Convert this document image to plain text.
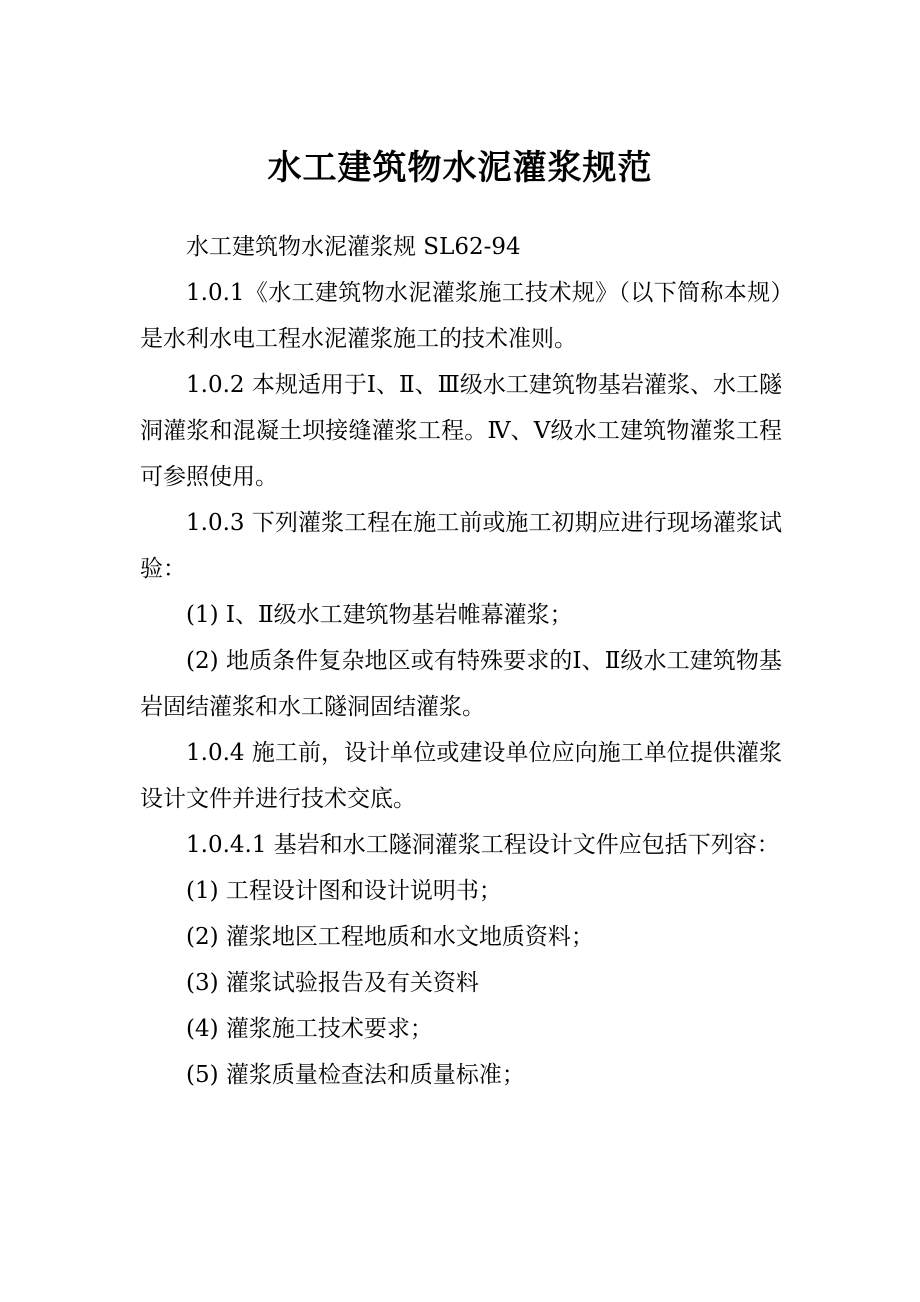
水工建筑物水泥灌浆规范

水工建筑物水泥灌浆规 SL62-94

1.0.1《水工建筑物水泥灌浆施工技术规》（以下简称本规）是水利水电工程水泥灌浆施工的技术准则。

1.0.2 本规适用于Ⅰ、Ⅱ、Ⅲ级水工建筑物基岩灌浆、水工隧洞灌浆和混凝土坝接缝灌浆工程。Ⅳ、Ⅴ级水工建筑物灌浆工程可参照使用。

1.0.3 下列灌浆工程在施工前或施工初期应进行现场灌浆试验：

(1) Ⅰ、Ⅱ级水工建筑物基岩帷幕灌浆；

(2) 地质条件复杂地区或有特殊要求的Ⅰ、Ⅱ级水工建筑物基岩固结灌浆和水工隧洞固结灌浆。

1.0.4 施工前，设计单位或建设单位应向施工单位提供灌浆设计文件并进行技术交底。

1.0.4.1 基岩和水工隧洞灌浆工程设计文件应包括下列容：

(1) 工程设计图和设计说明书；

(2) 灌浆地区工程地质和水文地质资料；

(3) 灌浆试验报告及有关资料

(4) 灌浆施工技术要求；

(5) 灌浆质量检查法和质量标准；
